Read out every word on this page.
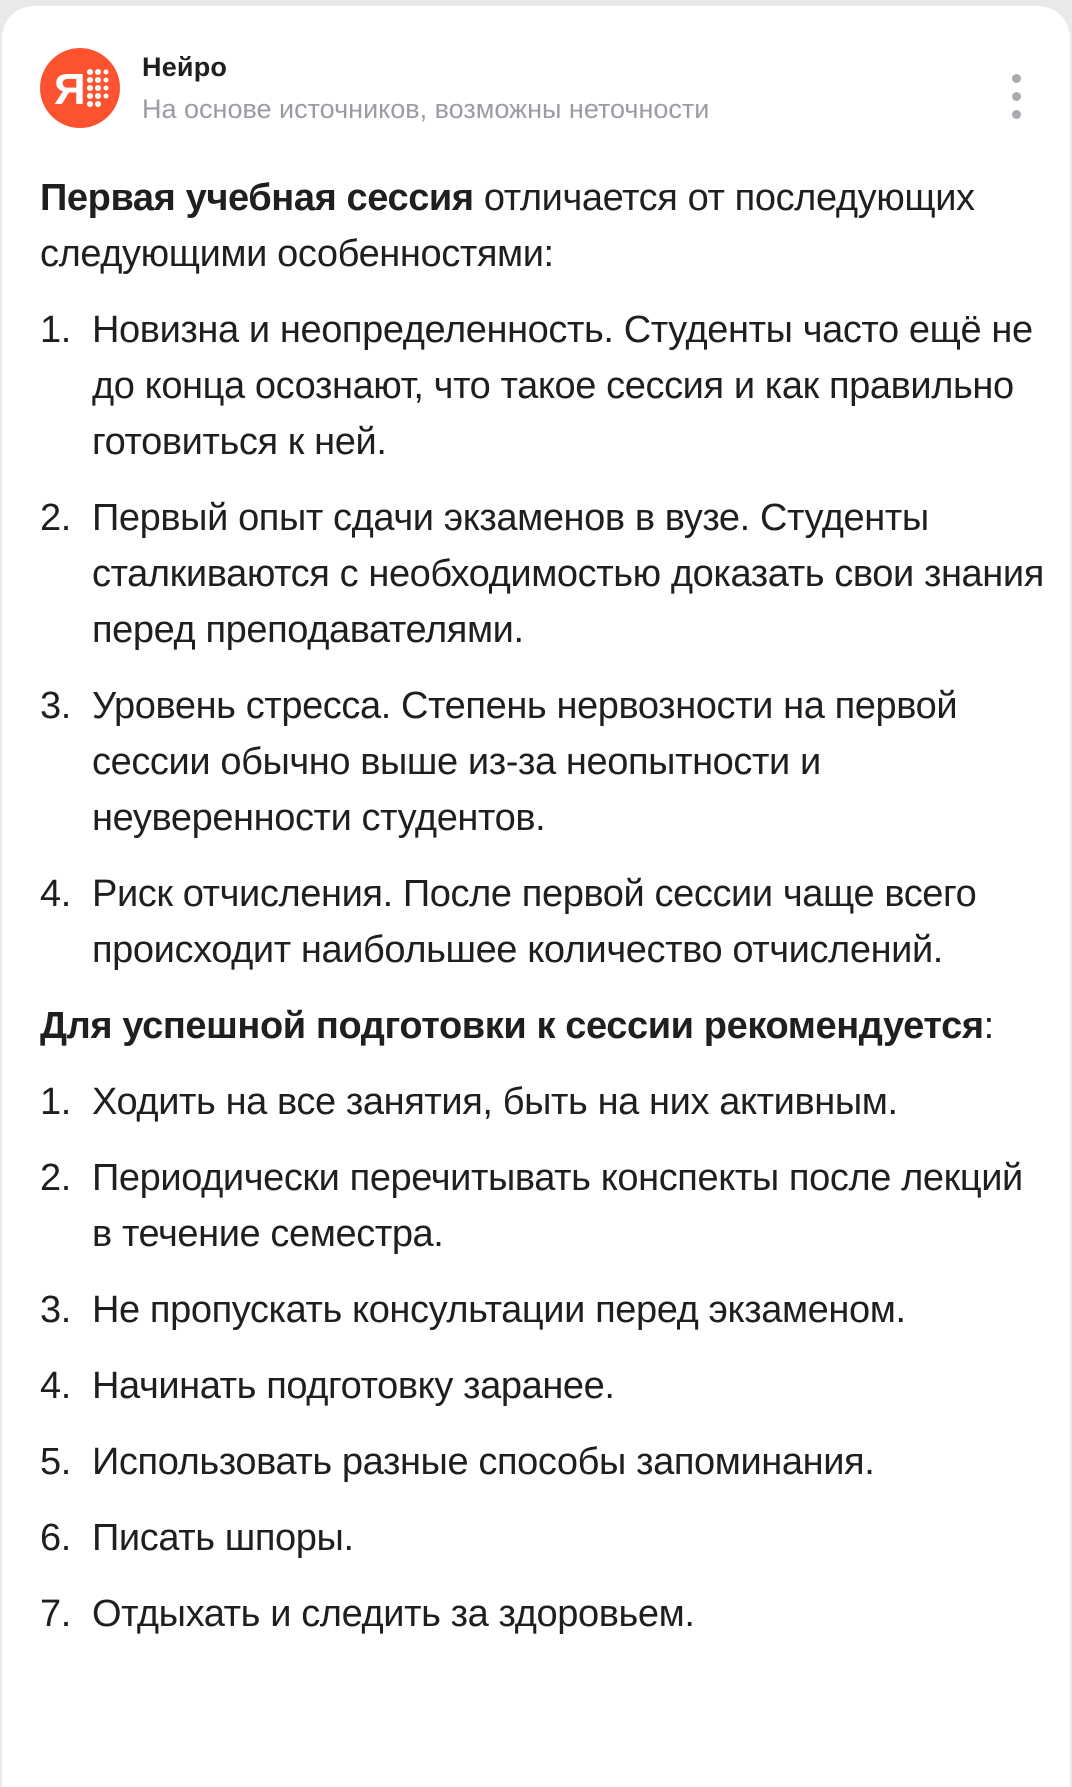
Я Нейро
На основе источников, возможны неточности

Первая учебная сессия отличается от последующих следующими особенностями:

1. Новизна и неопределенность. Студенты часто ещё не до конца осознают, что такое сессия и как правильно готовиться к ней.
2. Первый опыт сдачи экзаменов в вузе. Студенты сталкиваются с необходимостью доказать свои знания перед преподавателями.
3. Уровень стресса. Степень нервозности на первой сессии обычно выше из-за неопытности и неуверенности студентов.
4. Риск отчисления. После первой сессии чаще всего происходит наибольшее количество отчислений.

Для успешной подготовки к сессии рекомендуется:

1. Ходить на все занятия, быть на них активным.
2. Периодически перечитывать конспекты после лекций в течение семестра.
3. Не пропускать консультации перед экзаменом.
4. Начинать подготовку заранее.
5. Использовать разные способы запоминания.
6. Писать шпоры.
7. Отдыхать и следить за здоровьем.
